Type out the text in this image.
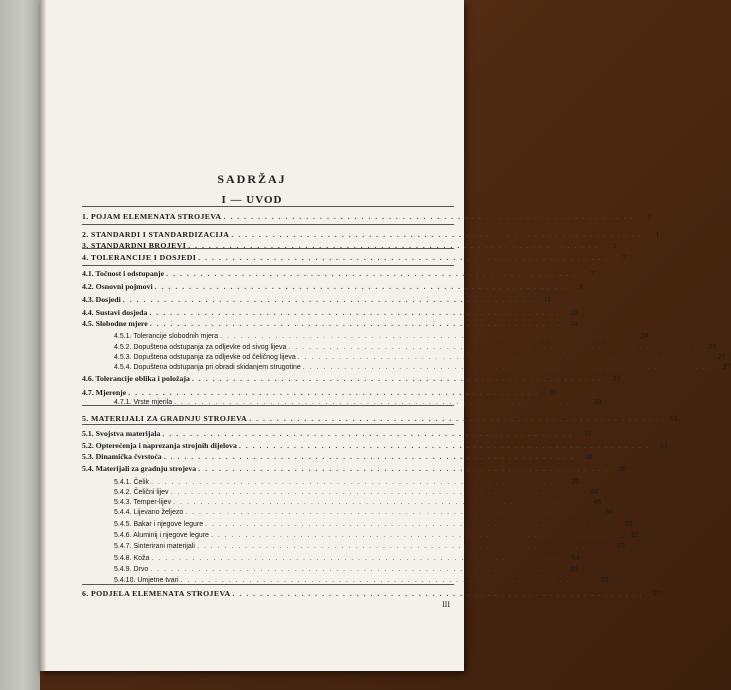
SADRŽAJ
I — UVOD
1. POJAM ELEMENATA STROJEVA . . . . . . . . . . . . . . . . . . . . . . . . . . . . . . . . . . . . . . . . . . . . . . . . . . . . . . . . . . . .	1
2. STANDARDI I STANDARDIZACIJA . . . . . . . . . . . . . . . . . . . . . . . . . . . . . . . . . . . . . . . . . . . . . . . . . . . . . . . . . . . .	1
3. STANDARDNI BROJEVI . . . . . . . . . . . . . . . . . . . . . . . . . . . . . . . . . . . . . . . . . . . . . . . . . . . . . . . . . . . .	3
4. TOLERANCIJE I DOSJEDI . . . . . . . . . . . . . . . . . . . . . . . . . . . . . . . . . . . . . . . . . . . . . . . . . . . . . . . . . . . .	7
4.1. Točnost i odstupanje . . . . . . . . . . . . . . . . . . . . . . . . . . . . . . . . . . . . . . . . . . . . . . . . . . . . . . . . . . . .	7
4.2. Osnovni pojmovi . . . . . . . . . . . . . . . . . . . . . . . . . . . . . . . . . . . . . . . . . . . . . . . . . . . . . . . . . . . .	8
4.3. Dosjedi . . . . . . . . . . . . . . . . . . . . . . . . . . . . . . . . . . . . . . . . . . . . . . . . . . . . . . . . . . . .	16
4.4. Sustavi dosjeda . . . . . . . . . . . . . . . . . . . . . . . . . . . . . . . . . . . . . . . . . . . . . . . . . . . . . . . . . . . .	18
4.5. Slobodne mjere . . . . . . . . . . . . . . . . . . . . . . . . . . . . . . . . . . . . . . . . . . . . . . . . . . . . . . . . . . . .	24
4.5.1. Tolerancije slobodnih mjera . . . . . . . . . . . . . . . . . . . . . . . . . . . . . . . . . . . . . . . . . . . . . . . . . . . . . . . . . . . .	24
4.5.2. Dopuštena odstupanja za odljevke od sivog lijeva . . . . . . . . . . . . . . . . . . . . . . . . . . . . . . . . . . . . . . . . . . . . . . . . . . . . . . . . . . . .	25
4.5.3. Dopuštena odstupanja za odljevke od čeličnog lijeva . . . . . . . . . . . . . . . . . . . . . . . . . . . . . . . . . . . . . . . . . . . . . . . . . . . . . . . . . . . .	27
4.5.4. Dopuštena odstupanja pri obradi skidanjem strugotine . . . . . . . . . . . . . . . . . . . . . . . . . . . . . . . . . . . . . . . . . . . . . . . . . . . . . . . . . . . .	27
4.6. Tolerancije oblika i položaja . . . . . . . . . . . . . . . . . . . . . . . . . . . . . . . . . . . . . . . . . . . . . . . . . . . . . . . . . . . .	27
4.7. Mjerenje . . . . . . . . . . . . . . . . . . . . . . . . . . . . . . . . . . . . . . . . . . . . . . . . . . . . . . . . . . . .	30
4.7.1. Vrste mjerila . . . . . . . . . . . . . . . . . . . . . . . . . . . . . . . . . . . . . . . . . . . . . . . . . . . . . . . . . . . .	31
5. MATERIJALI ZA GRADNJU STROJEVA . . . . . . . . . . . . . . . . . . . . . . . . . . . . . . . . . . . . . . . . . . . . . . . . . . . . . . . . . . . .	33
5.1. Svojstva materijala . . . . . . . . . . . . . . . . . . . . . . . . . . . . . . . . . . . . . . . . . . . . . . . . . . . . . . . . . . . .	33
5.2. Opterećenja i naprezanja strojnih dijelova . . . . . . . . . . . . . . . . . . . . . . . . . . . . . . . . . . . . . . . . . . . . . . . . . . . . . . . . . . . .	34
5.3. Dinamička čvrstoća . . . . . . . . . . . . . . . . . . . . . . . . . . . . . . . . . . . . . . . . . . . . . . . . . . . . . . . . . . . .	38
5.4. Materijali za gradnju strojeva . . . . . . . . . . . . . . . . . . . . . . . . . . . . . . . . . . . . . . . . . . . . . . . . . . . . . . . . . . . .	39
5.4.1. Čelik . . . . . . . . . . . . . . . . . . . . . . . . . . . . . . . . . . . . . . . . . . . . . . . . . . . . . . . . . . . .	39
5.4.2. Čelični lijev . . . . . . . . . . . . . . . . . . . . . . . . . . . . . . . . . . . . . . . . . . . . . . . . . . . . . . . . . . . .	48
5.4.3. Temper-lijev . . . . . . . . . . . . . . . . . . . . . . . . . . . . . . . . . . . . . . . . . . . . . . . . . . . . . . . . . . . .	48
5.4.4. Lijevano željezo . . . . . . . . . . . . . . . . . . . . . . . . . . . . . . . . . . . . . . . . . . . . . . . . . . . . . . . . . . . .	50
5.4.5. Bakar i njegove legure . . . . . . . . . . . . . . . . . . . . . . . . . . . . . . . . . . . . . . . . . . . . . . . . . . . . . . . . . . . .	51
5.4.6. Aluminij i njegove legure . . . . . . . . . . . . . . . . . . . . . . . . . . . . . . . . . . . . . . . . . . . . . . . . . . . . . . . . . . . .	52
5.4.7. Sinterirani materijali . . . . . . . . . . . . . . . . . . . . . . . . . . . . . . . . . . . . . . . . . . . . . . . . . . . . . . . . . . . .	53
5.4.8. Koža . . . . . . . . . . . . . . . . . . . . . . . . . . . . . . . . . . . . . . . . . . . . . . . . . . . . . . . . . . . .	54
5.4.9. Drvo . . . . . . . . . . . . . . . . . . . . . . . . . . . . . . . . . . . . . . . . . . . . . . . . . . . . . . . . . . . .	55
5.4.10. Umjetne tvari . . . . . . . . . . . . . . . . . . . . . . . . . . . . . . . . . . . . . . . . . . . . . . . . . . . . . . . . . . . .	55
6. PODJELA ELEMENATA STROJEVA . . . . . . . . . . . . . . . . . . . . . . . . . . . . . . . . . . . . . . . . . . . . . . . . . . . . . . . . . . . .	57
III
